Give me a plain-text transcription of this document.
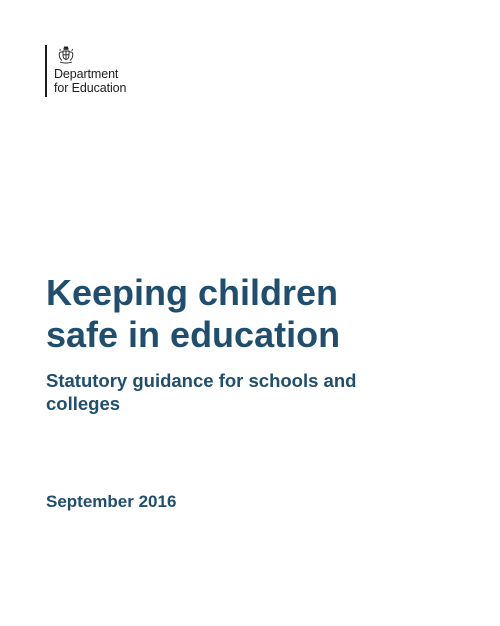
Department
for Education
Keeping children
safe in education
Statutory guidance for schools and
colleges
September 2016
